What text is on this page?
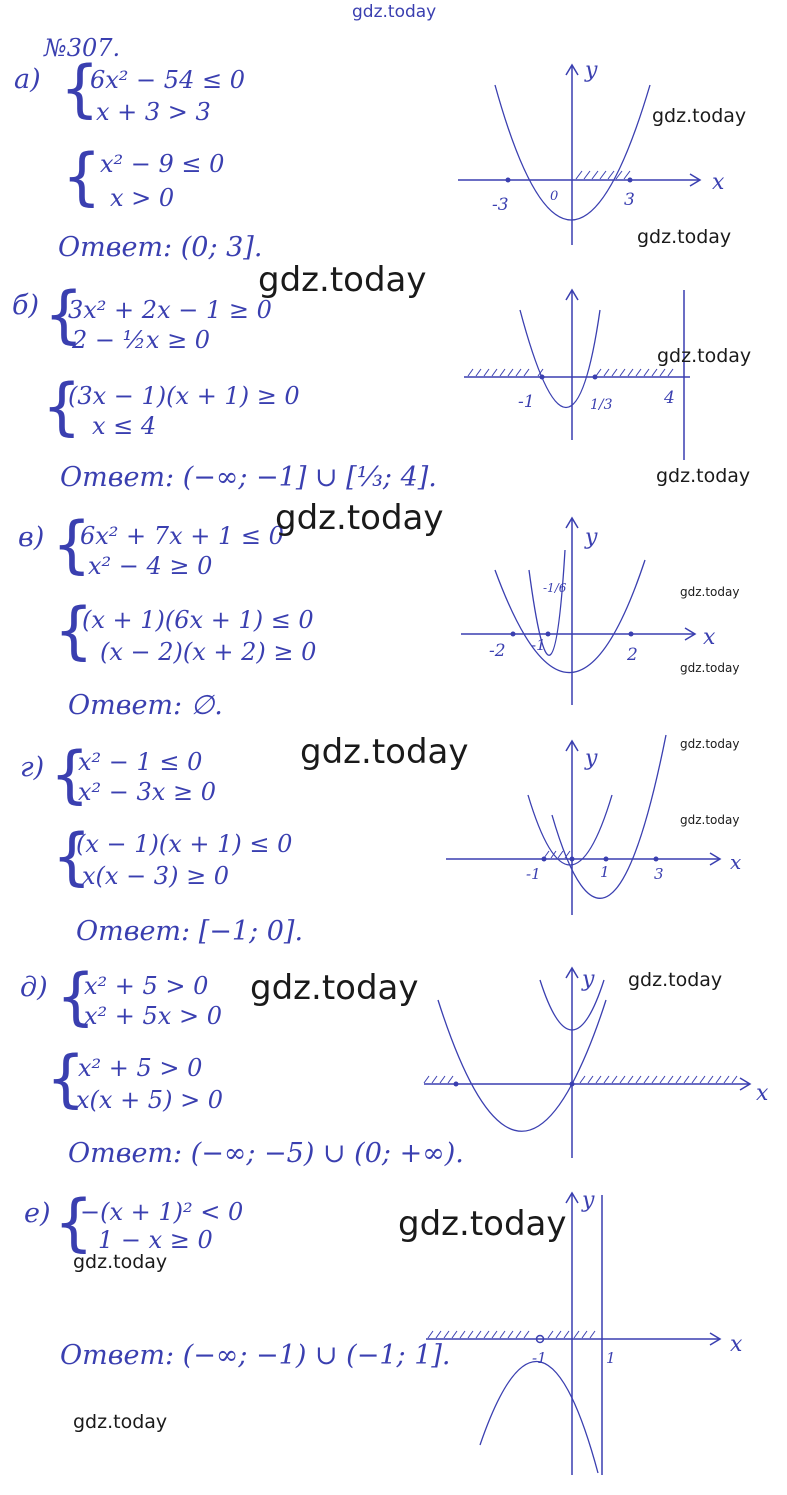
gdz.today
№307.
а) {
6x² − 54 ≤ 0
x + 3 > 3
{
x² − 9 ≤ 0
x > 0
Ответ: (0; 3].
y
x
-3	0	3
gdz.today
gdz.today
gdz.today
б) {
3x² + 2x − 1 ≥ 0
2 − ½x ≥ 0
{
(3x − 1)(x + 1) ≥ 0
x ≤ 4
Ответ: (−∞; −1] ∪ [⅓; 4].
-1	1/3	4
gdz.today
gdz.today
в) {
6x² + 7x + 1 ≤ 0
x² − 4 ≥ 0
gdz.today
{
(x + 1)(6x + 1) ≤ 0
(x − 2)(x + 2) ≥ 0
Ответ: ∅.
y
x
-2 -1	2
-1/6	gdz.today
gdz.today
г) {
x² − 1 ≤ 0
x² − 3x ≥ 0
gdz.today
{
(x − 1)(x + 1) ≤ 0
x(x − 3) ≥ 0
Ответ: [−1; 0].
y
x
-1	1	3
gdz.today
gdz.today
д) {
x² + 5 > 0
x² + 5x > 0
gdz.today
{
x² + 5 > 0
x(x + 5) > 0
Ответ: (−∞; −5) ∪ (0; +∞).
y
x
gdz.today
е) {
−(x + 1)² < 0
1 − x ≥ 0
gdz.today
gdz.today
Ответ: (−∞; −1) ∪ (−1; 1].
y
x
-1	1
gdz.today
